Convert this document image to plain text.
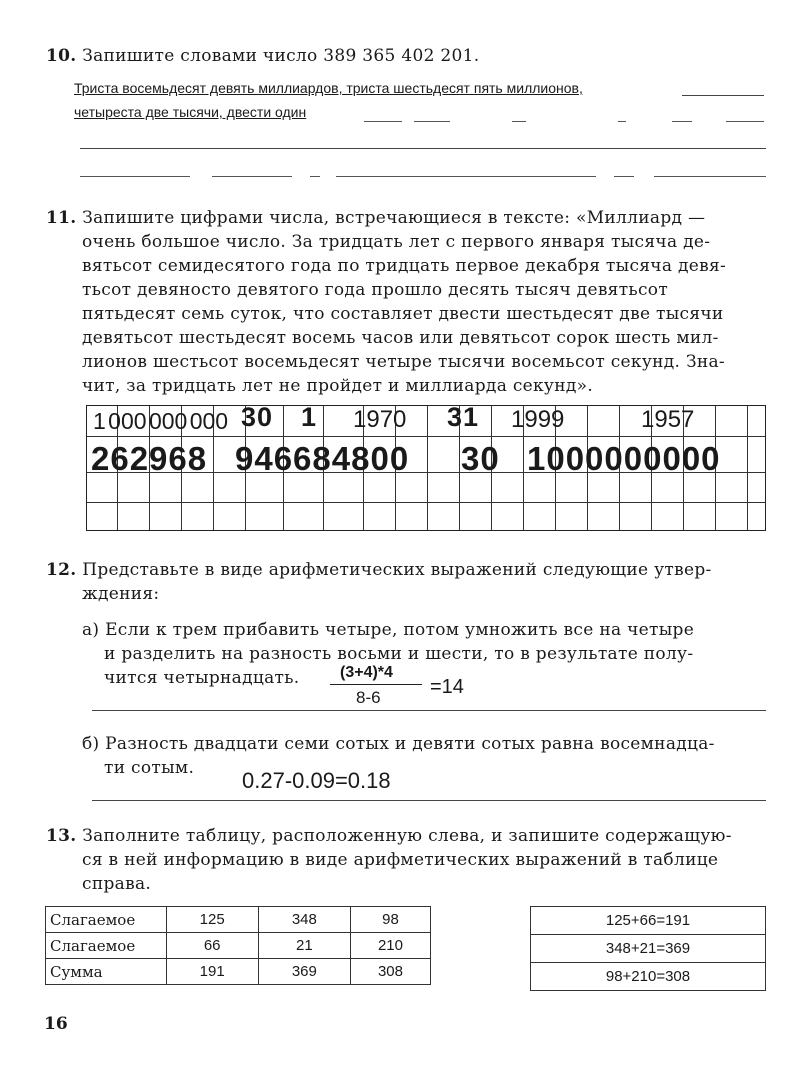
10. Запишите словами число 389 365 402 201.
Триста восемьдесят девять миллиардов, триста шестьдесят пять миллионов,
четыреста две тысячи, двести один
11. Запишите цифрами числа, встречающиеся в тексте: «Миллиард —
очень большое число. За тридцать лет с первого января тысяча де-
вятьсот семидесятого года по тридцать первое декабря тысяча девя-
тьсот девяносто девятого года прошло десять тысяч девятьсот
пятьдесят семь суток, что составляет двести шестьдесят две тысячи
девятьсот шестьдесят восемь часов или девятьсот сорок шесть мил-
лионов шестьсот восемьдесят четыре тысячи восемьсот секунд. Зна-
чит, за тридцать лет не пройдет и миллиарда секунд».
1 000 000 000 30 1 1970 31 1999	1957
262968 946684800 30 1000000000
12. Представьте в виде арифметических выражений следующие утвер-
ждения:
а) Если к трем прибавить четыре, потом умножить все на четыре
и разделить на разность восьми и шести, то в результате полу-
чится четырнадцать.	(3+4)*4
8-6 =14
б) Разность двадцати семи сотых и девяти сотых равна восемнадца-
ти сотым.	0.27-0.09=0.18
13. Заполните таблицу, расположенную слева, и запишите содержащую-
ся в ней информацию в виде арифметических выражений в таблице
справа.
Слагаемое	125	348	98
Слагаемое	66	21	210
Сумма	191	369	308
125+66=191
348+21=369
98+210=308
16
